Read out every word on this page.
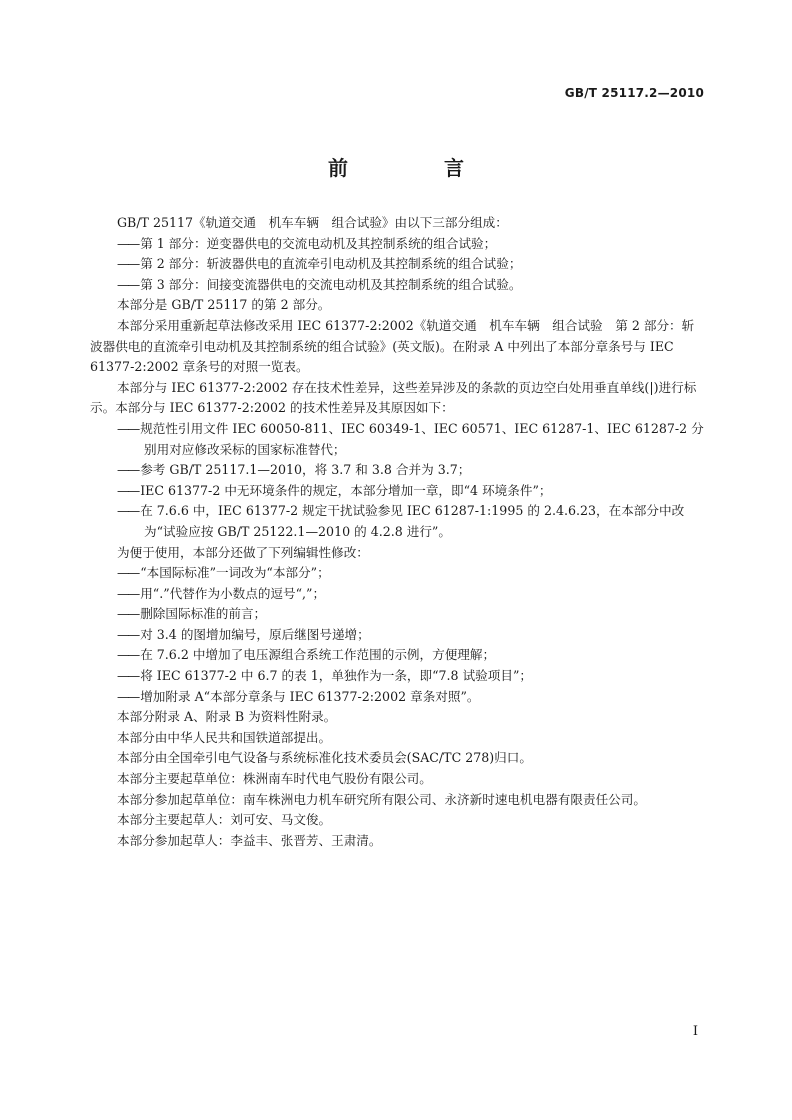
GB/T 25117.2—2010
前　言

GB/T 25117《轨道交通　机车车辆　组合试验》由以下三部分组成：

—— 第 1 部分：逆变器供电的交流电动机及其控制系统的组合试验；

—— 第 2 部分：斩波器供电的直流牵引电动机及其控制系统的组合试验；

—— 第 3 部分：间接变流器供电的交流电动机及其控制系统的组合试验。

本部分是 GB/T 25117 的第 2 部分。

本部分采用重新起草法修改采用 IEC 61377-2:2002《轨道交通　机车车辆　组合试验　第 2 部分：斩波器供电的直流牵引电动机及其控制系统的组合试验》(英文版)。在附录 A 中列出了本部分章条号与 IEC 61377-2:2002 章条号的对照一览表。

本部分与 IEC 61377-2:2002 存在技术性差异，这些差异涉及的条款的页边空白处用垂直单线(|)进行标示。本部分与 IEC 61377-2:2002 的技术性差异及其原因如下：

—— 规范性引用文件 IEC 60050-811、IEC 60349-1、IEC 60571、IEC 61287-1、IEC 61287-2 分别用对应修改采标的国家标准替代；

—— 参考 GB/T 25117.1—2010，将 3.7 和 3.8 合并为 3.7；

—— IEC 61377-2 中无环境条件的规定，本部分增加一章，即“4 环境条件”；

—— 在 7.6.6 中，IEC 61377-2 规定干扰试验参见 IEC 61287-1:1995 的 2.4.6.23，在本部分中改为“试验应按 GB/T 25122.1—2010 的 4.2.8 进行”。

为便于使用，本部分还做了下列编辑性修改：

—— “本国际标准”一词改为“本部分”；

—— 用“.”代替作为小数点的逗号“,”；

—— 删除国际标准的前言；

—— 对 3.4 的图增加编号，原后继图号递增；

—— 在 7.6.2 中增加了电压源组合系统工作范围的示例，方便理解；

—— 将 IEC 61377-2 中 6.7 的表 1，单独作为一条，即“7.8 试验项目”；

—— 增加附录 A“本部分章条与 IEC 61377-2:2002 章条对照”。

本部分附录 A、附录 B 为资料性附录。

本部分由中华人民共和国铁道部提出。

本部分由全国牵引电气设备与系统标准化技术委员会(SAC/TC 278)归口。

本部分主要起草单位：株洲南车时代电气股份有限公司。

本部分参加起草单位：南车株洲电力机车研究所有限公司、永济新时速电机电器有限责任公司。

本部分主要起草人：刘可安、马文俊。

本部分参加起草人：李益丰、张晋芳、王肃清。

I
